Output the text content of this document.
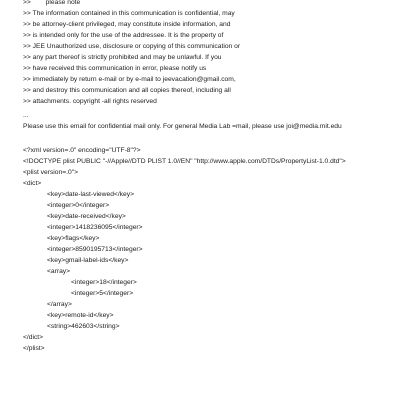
>>        please note
>> The information contained in this communication is confidential, may
>> be attorney-client privileged, may constitute inside information, and
>> is intended only for the use of the addressee. It is the property of
>> JEE Unauthorized use, disclosure or copying of this communication or
>> any part thereof is strictly prohibited and may be unlawful. If you
>> have received this communication in error, please notify us
>> immediately by return e-mail or by e-mail to jeevacation@gmail.com,
>> and destroy this communication and all copies thereof, including all
>> attachments. copyright -all rights reserved
...
Please use this email for confidential mail only. For general Media Lab =mail, please use joi@media.mit.edu
<?xml version=.0" encoding="UTF-8"?>
<!DOCTYPE plist PUBLIC "-//Apple//DTD PLIST 1.0//EN" "http://www.apple.com/DTDs/PropertyList-1.0.dtd">
<plist version=.0">
<dict>
<key>date-last-viewed</key>
<integer>0</integer>
<key>date-received</key>
<integer>1418236095</integer>
<key>flags</key>
<integer>8590195713</integer>
<key>gmail-label-ids</key>
<array>
<integer>18</integer>
<integer>5</integer>
</array>
<key>remote-id</key>
<string>462603</string>
</dict>
</plist>
